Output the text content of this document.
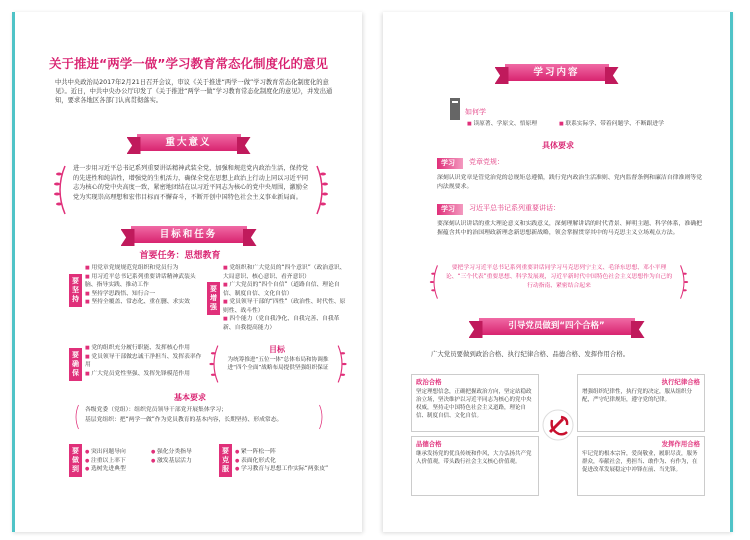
关于推进“两学一做”学习教育常态化制度化的意见
中共中央政治局2017年2月21日召开会议，审议《关于推进“两学一做”学习教育常态化制度化的意见》。近日，中共中央办公厅印发了《关于推进“两学一做”学习教育常态化制度化的意见》，并发出通知，要求各地区各部门认真贯彻落实。
重大意义
进一步用习近平总书记系列重要讲话精神武装全党，加强和规范党内政治生活，保持党的先进性和纯洁性，增强党的生机活力，确保全党在思想上政治上行动上同以习近平同志为核心的党中央高度一致，紧密地团结在以习近平同志为核心的党中央周围，激励全党为实现崇高理想和宏伟目标而不懈奋斗，不断开创中国特色社会主义事业新局面。
目标和任务
首要任务：思想教育
要坚持
■ 用党章党规规范党组织和党员行为
■ 用习近平总书记系列重要讲话精神武装头脑、指导实践、推动工作
■ 坚持学思践悟、知行合一
■ 坚持全覆盖、常态化、重在删、求实效
要增强
■ 党组织和广大党员的“四个意识”（政治意识、大局意识、核心意识、看齐意识）
■ 广大党员的“四个自信”（道路自信、理论自信、制度自信、文化自信）
■ 党员领导干部的“四性”（政治性、时代性、原则性、战斗性）
■ 四个能力（党自我净化、自我完善、自我革新、自我提高能力）
要确保
■ 党的组织充分履行职能、发挥核心作用
■ 党员领导干部做忠诚干净担当、发挥表率作用
■ 广大党员党性坚强、发挥先锋模范作用
目标
为统筹推进“五位一体”总体布局和协调推进“四个全面”战略布局提供坚强组织保证
基本要求
各级党委（党组）：组织党员领导干部党开展集体学习；
基层党组织：把“两学一做”作为党员教育的基本内容，长期坚持、形成常态。
要做到
● 突出问题导向
● 注重以上率下
● 选树先进典型
● 强化分类指导
● 激发基层活力
要克服
● 紧一阵松一阵
● 表面化形式化
● 学习教育与思想工作实际“两张皮”
学习内容
如何学
■ 读原著、学原文、悟原理
■	联系实际学、带着问题学、不断跟进学
具体要求
学习	党章党规：
深刻认识党章是管党治党的总规矩总遵循，践行党内政治生活准则、党内监督条例和廉洁自律准则等党内法规要求。
学习	习近平总书记系列重要讲话：
要深刻认识讲话的重大理论意义和实践意义，深刻理解讲话的时代背景、鲜明主题、科学体系，准确把握蕴含其中的治国理政新理念新思想新战略，领会掌握贯穿其中的马克思主义立场观点方法。
要把学习习近平总书记系列重要讲话同学习马克思列宁主义、毛泽东思想、邓小平理论、“三个代表”重要思想、科学发展观，习近平新时代中国特色社会主义思想作为自己的行动指南、紧密结合起来
引导党员做到“四个合格”
广大党员要做到政治合格、执行纪律合格、品德合格、发挥作用合格。
政治合格
坚定理想信念，正确把握政治方向，坚定站稳政治立场，坚决维护以习近平同志为核心的党中央权威，坚持走中国特色社会主义道路，理论自信、制度自信、文化自信。
执行纪律合格
增强组织纪律性，执行党的决定，服从组织分配，严守纪律规矩，遵守党的纪律。
品德合格
继承发扬党的优良传统和作风，大力弘扬共产党人价值观，带头践行社会主义核心价值观。
发挥作用合格
牢记党的根本宗旨，爱岗敬业，履职尽责，服务群众，奉献社会，勇担当、敢作为、有作为，在促进改革发展稳定中冲锋在前、当先锋。
